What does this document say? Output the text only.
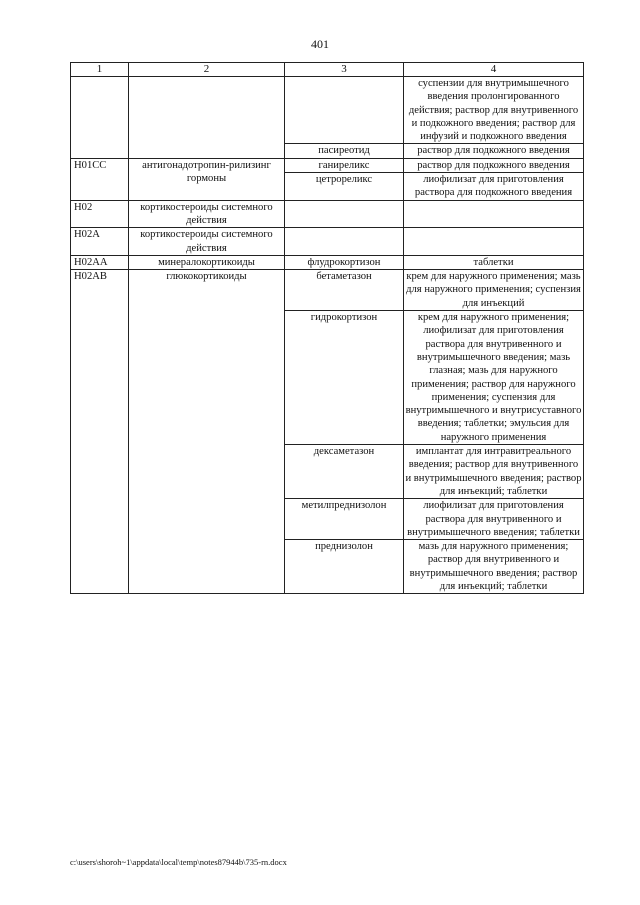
401
1	2	3	4
			суспензии для внутримышечного введения пролонгированного действия; раствор для внутривенного и подкожного введения; раствор для инфузий и подкожного введения
		пасиреотид	раствор для подкожного введения
H01CC	антигонадотропин-рилизинг гормоны	ганиреликс	раствор для подкожного введения
		цетрореликс	лиофилизат для приготовления раствора для подкожного введения
H02	кортикостероиды системного действия		
H02A	кортикостероиды системного действия		
H02AA	минералокортикоиды	флудрокортизон	таблетки
H02AB	глюкокортикоиды	бетаметазон	крем для наружного применения; мазь для наружного применения; суспензия для инъекций
		гидрокортизон	крем для наружного применения; лиофилизат для приготовления раствора для внутривенного и внутримышечного введения; мазь глазная; мазь для наружного применения; раствор для наружного применения; суспензия для внутримышечного и внутрисуставного введения; таблетки; эмульсия для наружного применения
		дексаметазон	имплантат для интравитреального введения; раствор для внутривенного и внутримышечного введения; раствор для инъекций; таблетки
		метилпреднизолон	лиофилизат для приготовления раствора для внутривенного и внутримышечного введения; таблетки
		преднизолон	мазь для наружного применения; раствор для внутривенного и внутримышечного введения; раствор для инъекций; таблетки
c:\users\shoroh~1\appdata\local\temp\notes87944b\735-rn.docx
